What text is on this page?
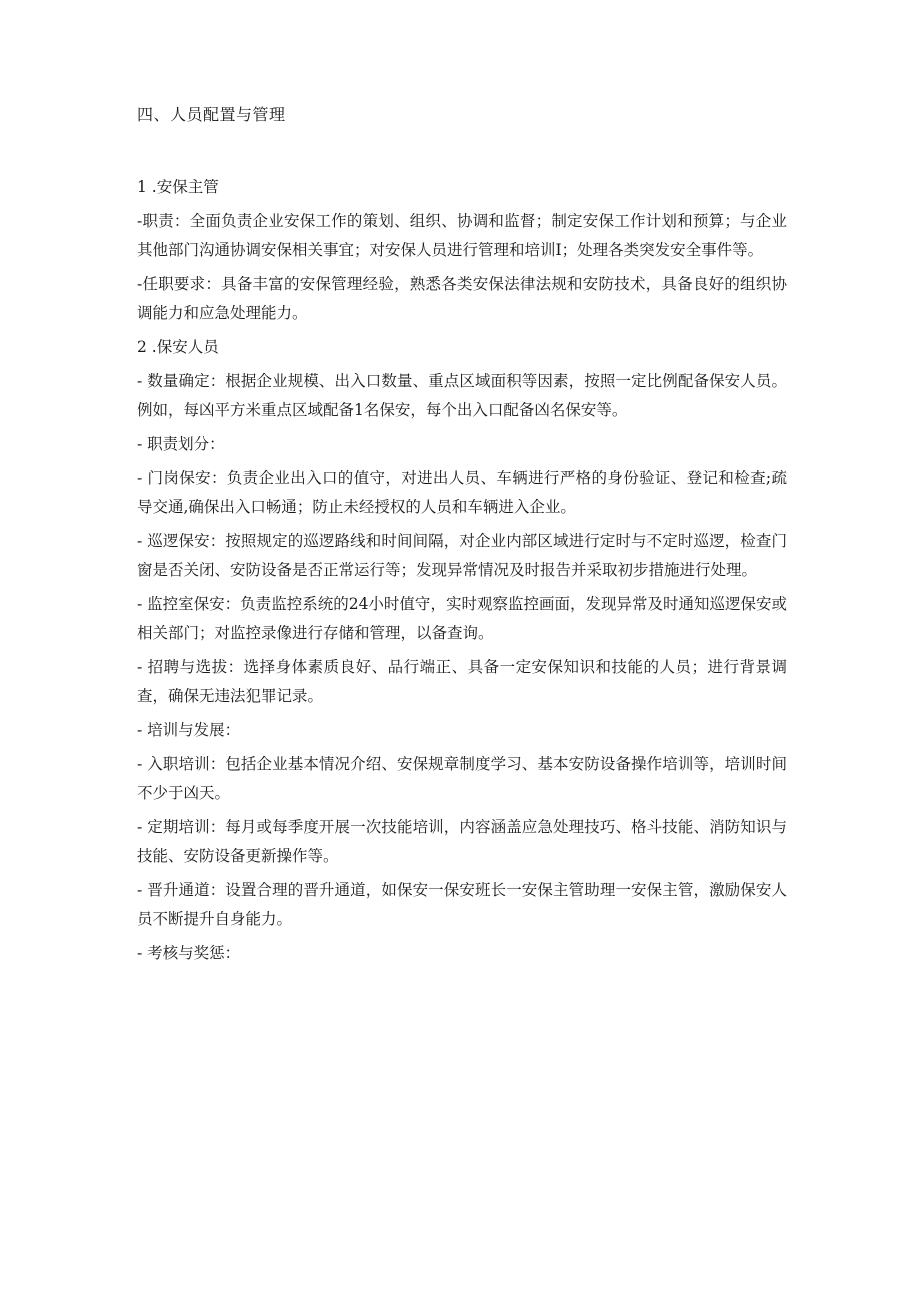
四、人员配置与管理

1 .安保主管

-职责：全面负责企业安保工作的策划、组织、协调和监督；制定安保工作计划和预算；与企业其他部门沟通协调安保相关事宜；对安保人员进行管理和培训I；处理各类突发安全事件等。

-任职要求：具备丰富的安保管理经验，熟悉各类安保法律法规和安防技术，具备良好的组织协调能力和应急处理能力。

2 .保安人员

- 数量确定：根据企业规模、出入口数量、重点区域面积等因素，按照一定比例配备保安人员。例如，每凶平方米重点区域配备1名保安，每个出入口配备凶名保安等。

- 职责划分：

- 门岗保安：负责企业出入口的值守，对进出人员、车辆进行严格的身份验证、登记和检查;疏导交通,确保出入口畅通；防止未经授权的人员和车辆进入企业。

- 巡逻保安：按照规定的巡逻路线和时间间隔，对企业内部区域进行定时与不定时巡逻，检查门窗是否关闭、安防设备是否正常运行等；发现异常情况及时报告并采取初步措施进行处理。

- 监控室保安：负责监控系统的24小时值守，实时观察监控画面，发现异常及时通知巡逻保安或相关部门；对监控录像进行存储和管理，以备查询。

- 招聘与选拔：选择身体素质良好、品行端正、具备一定安保知识和技能的人员；进行背景调查，确保无违法犯罪记录。

- 培训与发展：

- 入职培训：包括企业基本情况介绍、安保规章制度学习、基本安防设备操作培训等，培训时间不少于凶天。

- 定期培训：每月或每季度开展一次技能培训，内容涵盖应急处理技巧、格斗技能、消防知识与技能、安防设备更新操作等。

- 晋升通道：设置合理的晋升通道，如保安一保安班长一安保主管助理一安保主管，激励保安人员不断提升自身能力。

- 考核与奖惩：
